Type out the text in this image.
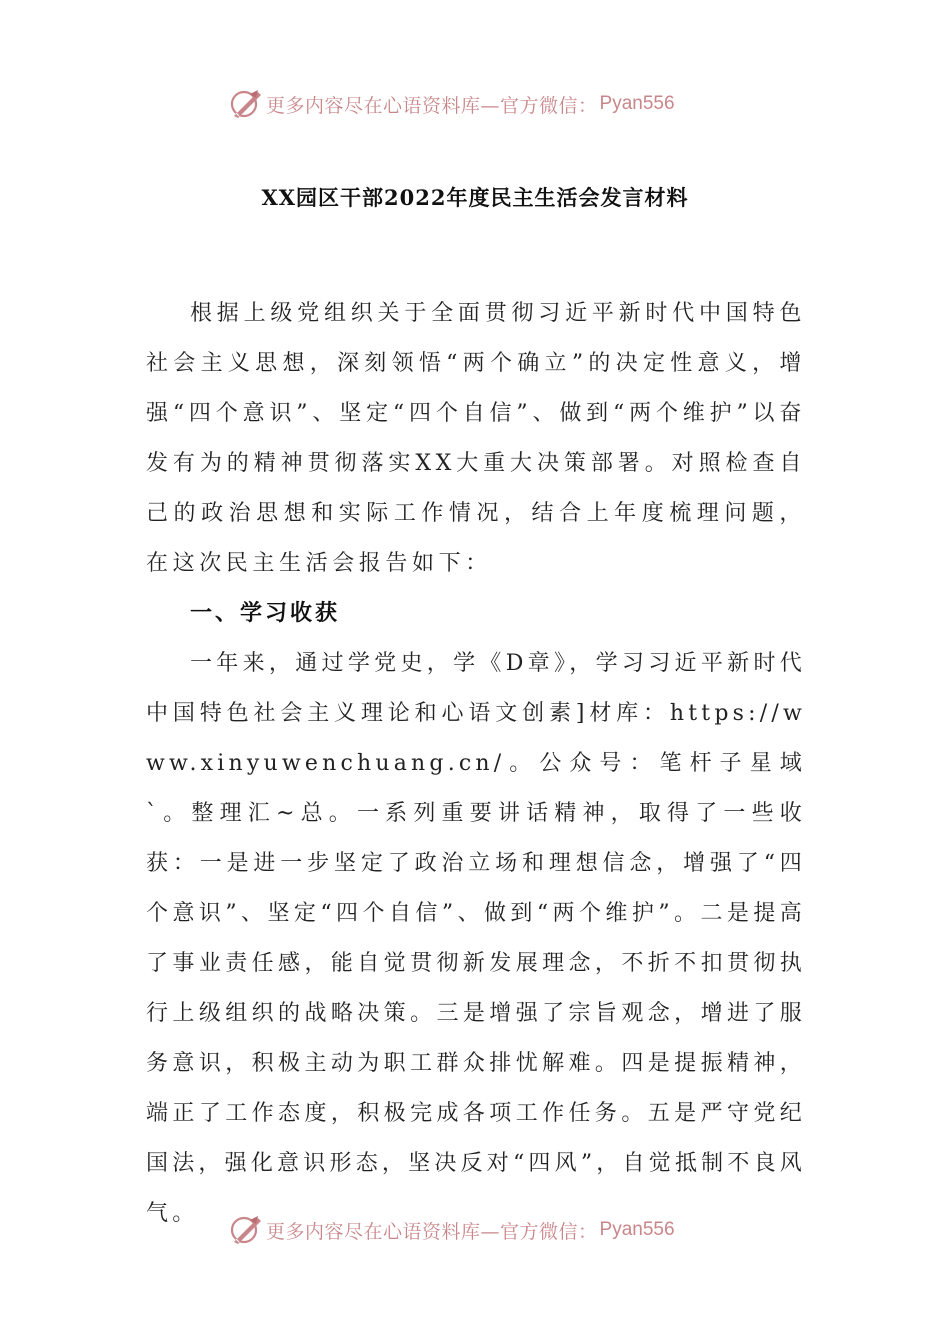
更多内容尽在心语资料库—官方微信： Pyan556
XX园区干部2022年度民主生活会发言材料

根据上级党组织关于全面贯彻习近平新时代中国特色社会主义思想，深刻领悟“两个确立”的决定性意义，增强“四个意识”、坚定“四个自信”、做到“两个维护”以奋发有为的精神贯彻落实XX大重大决策部署。对照检查自己的政治思想和实际工作情况，结合上年度梳理问题，在这次民主生活会报告如下：

一、学习收获

一年来，通过学党史，学《D章》，学习习近平新时代中国特色社会主义理论和心语文创素]材库：https://www.xinyuwenchuang.cn/。公众号：笔杆子星域`。整理汇~总。一系列重要讲话精神，取得了一些收获：一是进一步坚定了政治立场和理想信念，增强了“四个意识”、坚定“四个自信”、做到“两个维护”。二是提高了事业责任感，能自觉贯彻新发展理念，不折不扣贯彻执行上级组织的战略决策。三是增强了宗旨观念，增进了服务意识，积极主动为职工群众排忧解难。四是提振精神，端正了工作态度，积极完成各项工作任务。五是严守党纪国法，强化意识形态，坚决反对“四风”，自觉抵制不良风气。

更多内容尽在心语资料库—官方微信： Pyan556
